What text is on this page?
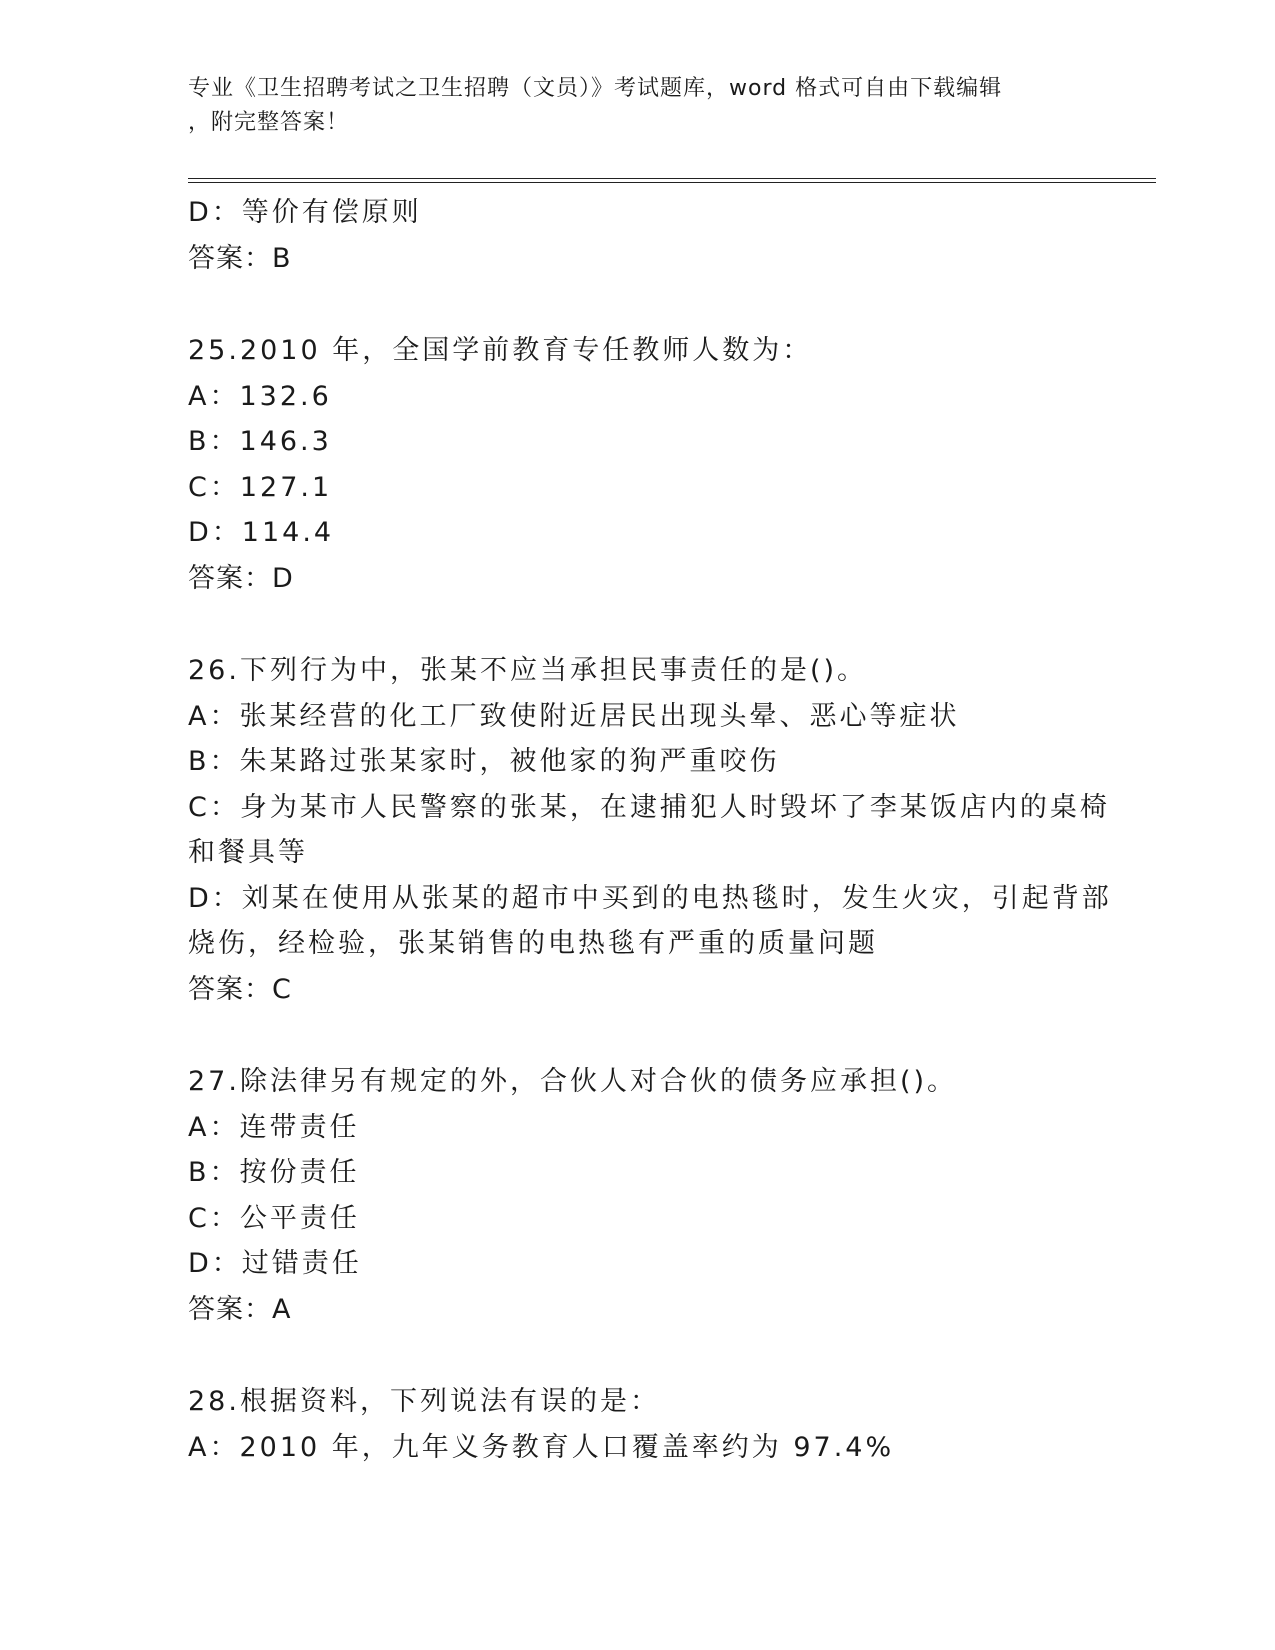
专业《卫生招聘考试之卫生招聘（文员）》考试题库，word 格式可自由下载编辑
，附完整答案！
D：等价有偿原则
答案：B
25.2010 年，全国学前教育专任教师人数为：
A：132.6
B：146.3
C：127.1
D：114.4
答案：D
26.下列行为中，张某不应当承担民事责任的是()。
A：张某经营的化工厂致使附近居民出现头晕、恶心等症状
B：朱某路过张某家时，被他家的狗严重咬伤
C：身为某市人民警察的张某，在逮捕犯人时毁坏了李某饭店内的桌椅
和餐具等
D：刘某在使用从张某的超市中买到的电热毯时，发生火灾，引起背部
烧伤，经检验，张某销售的电热毯有严重的质量问题
答案：C
27.除法律另有规定的外，合伙人对合伙的债务应承担()。
A：连带责任
B：按份责任
C：公平责任
D：过错责任
答案：A
28.根据资料，下列说法有误的是：
A：2010 年，九年义务教育人口覆盖率约为 97.4%
